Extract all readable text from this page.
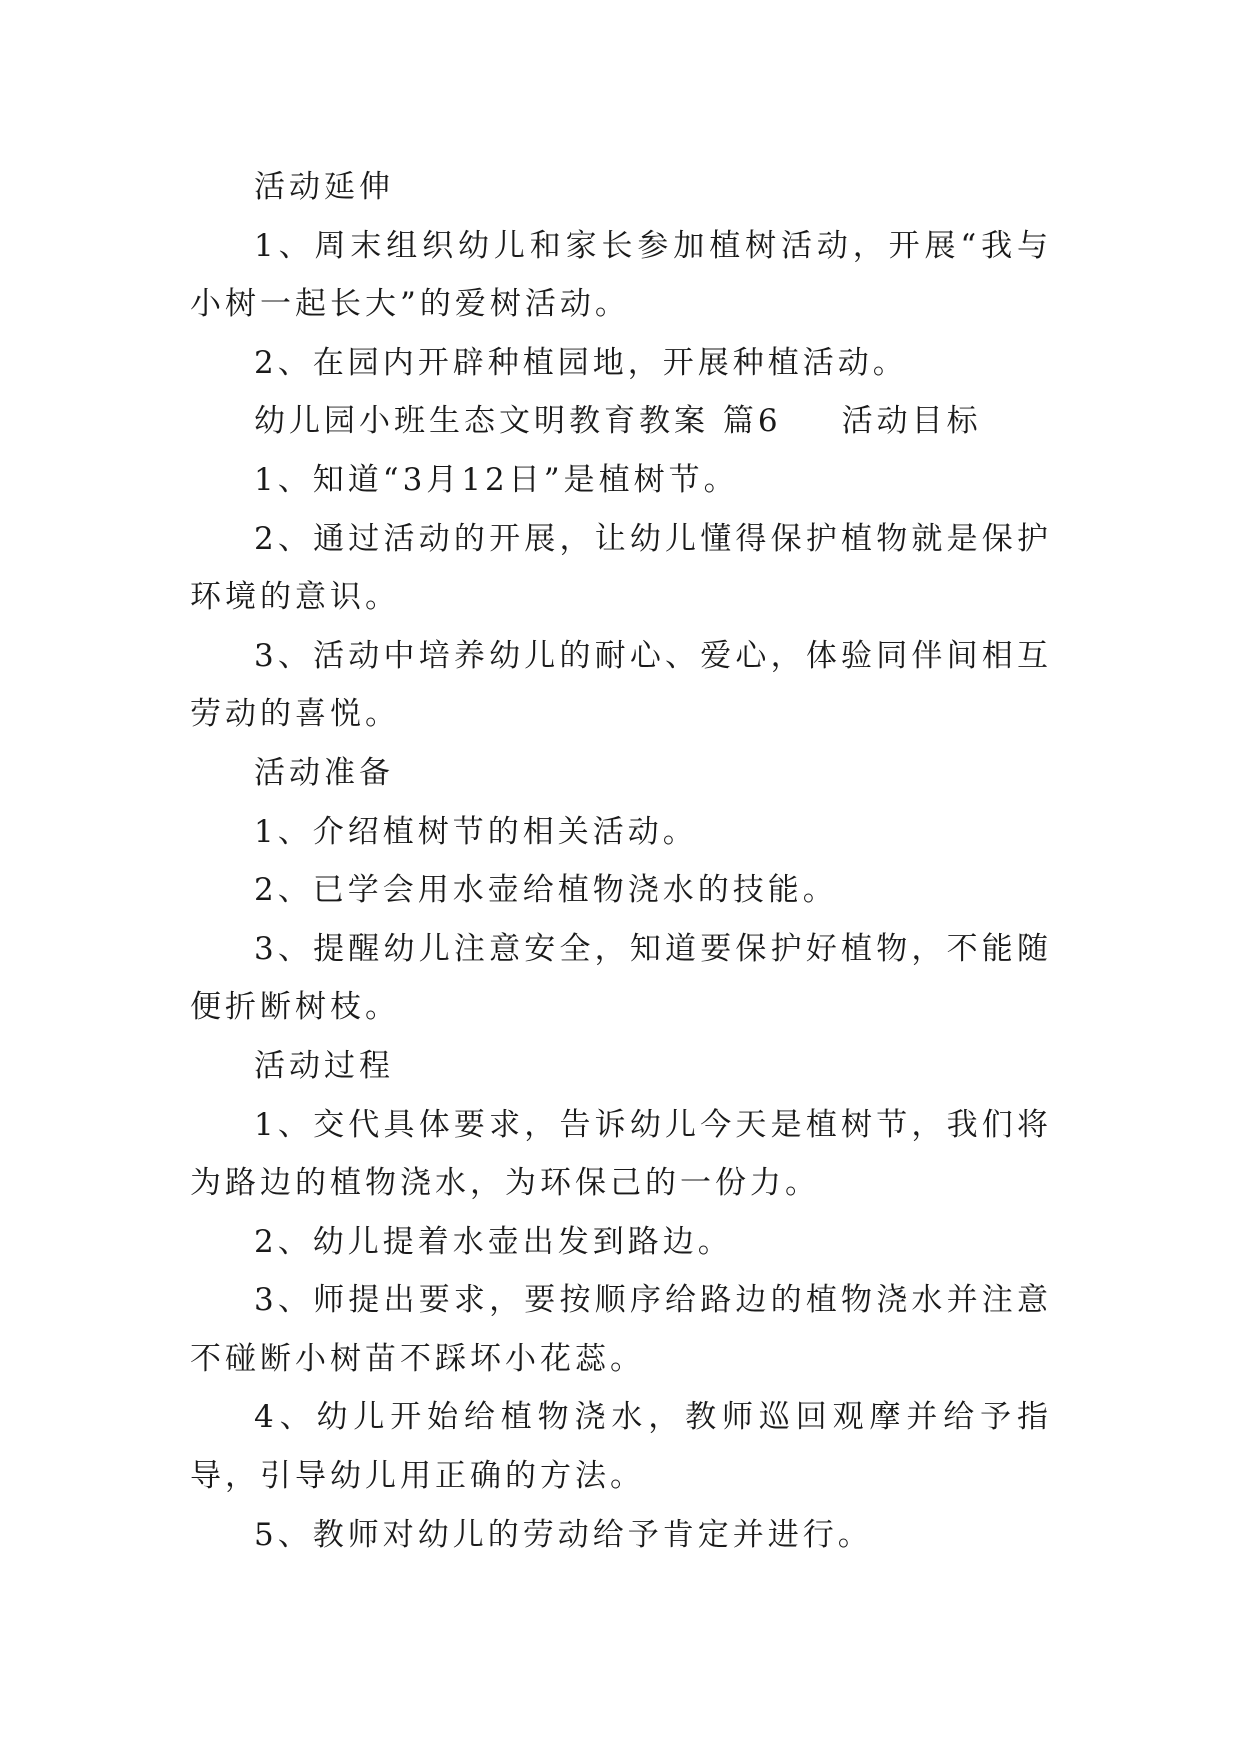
活动延伸

1、周末组织幼儿和家长参加植树活动，开展“我与小树一起长大”的爱树活动。

2、在园内开辟种植园地，开展种植活动。

幼儿园小班生态文明教育教案 篇6 活动目标

1、知道“3月12日”是植树节。

2、通过活动的开展，让幼儿懂得保护植物就是保护环境的意识。

3、活动中培养幼儿的耐心、爱心，体验同伴间相互劳动的喜悦。

活动准备

1、介绍植树节的相关活动。

2、已学会用水壶给植物浇水的技能。

3、提醒幼儿注意安全，知道要保护好植物，不能随便折断树枝。

活动过程

1、交代具体要求，告诉幼儿今天是植树节，我们将为路边的植物浇水，为环保己的一份力。

2、幼儿提着水壶出发到路边。

3、师提出要求，要按顺序给路边的植物浇水并注意不碰断小树苗不踩坏小花蕊。

4、幼儿开始给植物浇水，教师巡回观摩并给予指导，引导幼儿用正确的方法。

5、教师对幼儿的劳动给予肯定并进行。
